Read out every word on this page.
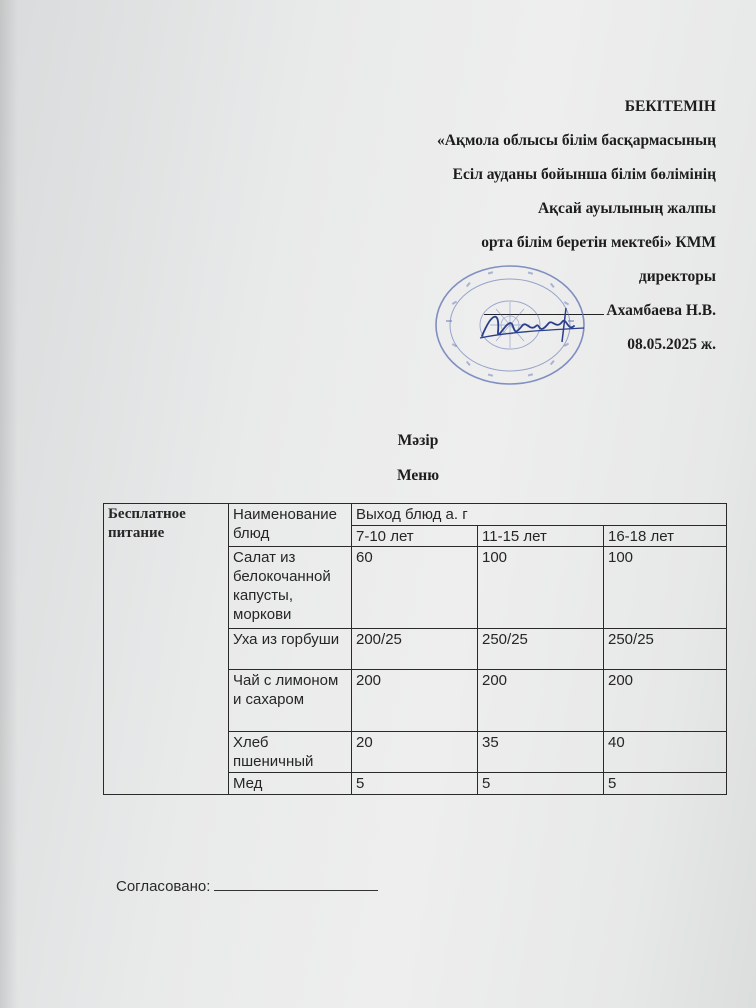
БЕКІТЕМІН
«Ақмола облысы білім басқармасының
Есіл ауданы бойынша білім бөлімінің
Ақсай ауылының жалпы
орта білім беретін мектебі» КММ
директоры
Ахамбаева Н.В.
08.05.2025 ж.
Мәзір
Меню
Бесплатное питание	Наименование блюд	Выход блюд а. г		
		7-10 лет	11-15 лет	16-18 лет
	Салат из белокочанной капусты, моркови	60	100	100
	Уха из горбуши	200/25	250/25	250/25
	Чай с лимоном и сахаром	200	200	200
	Хлеб пшеничный	20	35	40
	Мед	5	5	5
Согласовано:
